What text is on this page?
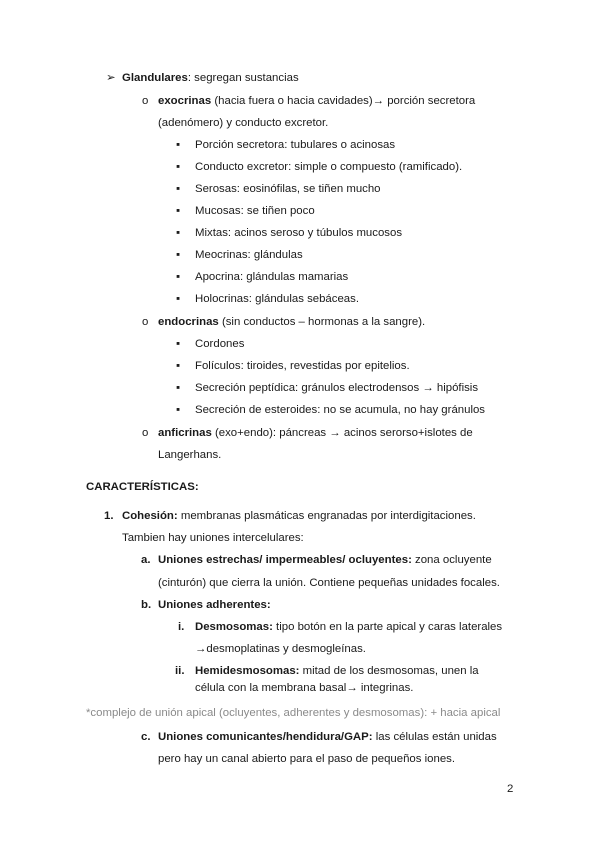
➢ Glandulares: segregan sustancias
o exocrinas (hacia fuera o hacia cavidades)→ porción secretora
(adenómero) y conducto excretor.
▪ Porción secretora: tubulares o acinosas
▪ Conducto excretor: simple o compuesto (ramificado).
▪ Serosas: eosinófilas, se tiñen mucho
▪ Mucosas: se tiñen poco
▪ Mixtas: acinos seroso y túbulos mucosos
▪ Meocrinas: glándulas
▪ Apocrina: glándulas mamarias
▪ Holocrinas: glándulas sebáceas.
o endocrinas (sin conductos – hormonas a la sangre).
▪ Cordones
▪ Folículos: tiroides, revestidas por epitelios.
▪ Secreción peptídica: gránulos electrodensos → hipófisis
▪ Secreción de esteroides: no se acumula, no hay gránulos
o anficrinas (exo+endo): páncreas → acinos serorso+islotes de
Langerhans.
CARACTERÍSTICAS:
1. Cohesión: membranas plasmáticas engranadas por interdigitaciones.
Tambien hay uniones intercelulares:
a. Uniones estrechas/ impermeables/ ocluyentes: zona ocluyente
(cinturón) que cierra la unión. Contiene pequeñas unidades focales.
b. Uniones adherentes:
i. Desmosomas: tipo botón en la parte apical y caras laterales
→desmoplatinas y desmogleínas.
ii. Hemidesmosomas: mitad de los desmosomas, unen la
célula con la membrana basal→ integrinas.
*complejo de unión apical (ocluyentes, adherentes y desmosomas): + hacia apical
c. Uniones comunicantes/hendidura/GAP: las células están unidas
pero hay un canal abierto para el paso de pequeños iones.
2
